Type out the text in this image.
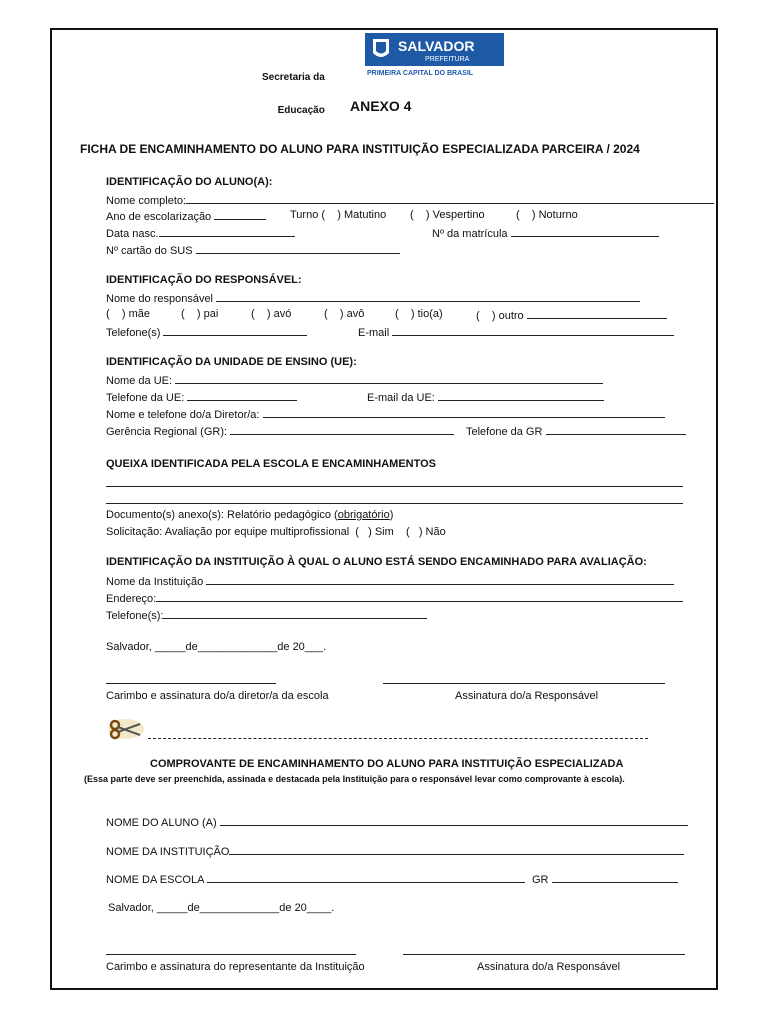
Secretaria da

Educação

SALVADOR
PREFEITURA
PRIMEIRA CAPITAL DO BRASIL
ANEXO 4
FICHA DE ENCAMINHAMENTO DO ALUNO PARA INSTITUIÇÃO ESPECIALIZADA PARCEIRA / 2024
IDENTIFICAÇÃO DO ALUNO(A):
Nome completo:
Ano de escolarização	Turno (    ) Matutino (    ) Vespertino	(    ) Noturno
Data nasc.	Nº da matrícula
Nº cartão do SUS
IDENTIFICAÇÃO DO RESPONSÁVEL:
Nome do responsável
(    ) mãe	(    ) pai	(    ) avó	(    ) avô	(    ) tio(a)	(    ) outro
Telefone(s)	E-mail
IDENTIFICAÇÃO DA UNIDADE DE ENSINO (UE):
Nome da UE:
Telefone da UE:	E-mail da UE:
Nome e telefone do/a Diretor/a:
Gerência Regional (GR):	Telefone da GR
QUEIXA IDENTIFICADA PELA ESCOLA E ENCAMINHAMENTOS
Documento(s) anexo(s): Relatório pedagógico (obrigatório)
Solicitação: Avaliação por equipe multiprofissional  (   ) Sim    (   ) Não
IDENTIFICAÇÃO DA INSTITUIÇÃO À QUAL O ALUNO ESTÁ SENDO ENCAMINHADO PARA AVALIAÇÃO:
Nome da Instituição
Endereço:
Telefone(s):
Salvador, _____de_____________de 20___.
Carimbo e assinatura do/a diretor/a da escola	Assinatura do/a Responsável
COMPROVANTE DE ENCAMINHAMENTO DO ALUNO PARA INSTITUIÇÃO ESPECIALIZADA
(Essa parte deve ser preenchida, assinada e destacada pela Instituição para o responsável levar como comprovante à escola).
NOME DO ALUNO (A)
NOME DA INSTITUIÇÃO
NOME DA ESCOLA	GR
Salvador, _____de_____________de 20____.
Carimbo e assinatura do representante da Instituição	Assinatura do/a Responsável
